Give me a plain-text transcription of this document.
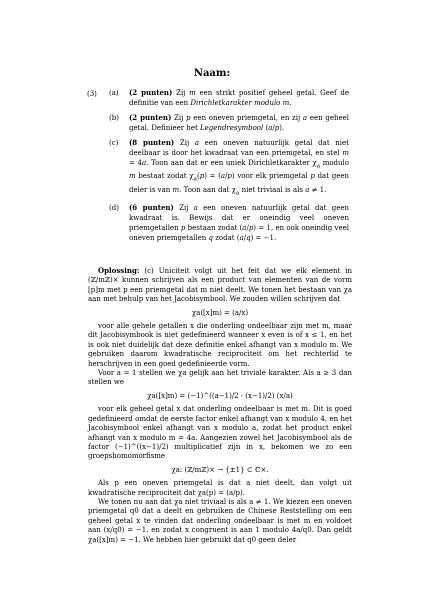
Naam:
(3) (a) (2 punten) Zij m een strikt positief geheel getal. Geef de definitie van een Dirichletkarakter modulo m.
(b) (2 punten) Zij p een oneven priemgetal, en zij a een geheel getal. Definieer het Legendresymbool (a/p).
(c) (8 punten) Zij a een oneven natuurlijk getal dat niet deelbaar is door het kwadraat van een priemgetal, en stel m = 4a. Toon aan dat er een uniek Dirichletkarakter $\chi_a$ modulo m bestaat zodat $\chi_a(p) = (a/p)$ voor elk priemgetal p dat geen deler is van m. Toon aan dat $\chi_a$ niet triviaal is als a ≠ 1.
(d) (6 punten) Zij a een oneven natuurlijk getal dat geen kwadraat is. Bewijs dat er oneindig veel oneven priemgetallen p bestaan zodat (a/p) = 1, en ook oneindig veel oneven priemgetallen q zodat (a/q) = −1.

Oplossing: (c) Uniciteit volgt uit het feit dat we elk element in (ℤ/mℤ)× kunnen schrijven als een product van elementen van de vorm [p]m met p een priemgetal dat m niet deelt. We tonen het bestaan van χa aan met behulp van het Jacobisymbool. We zouden willen schrijven dat

χa([x]m) = (a/x)

voor alle gehele getallen x die onderling ondeelbaar zijn met m, maar dit Jacobisymbook is niet gedefinieerd wanneer x even is of x ≤ 1, en het is ook niet duidelijk dat deze definitie enkel afhangt van x modulo m. We gebruiken daarom kwadratische reciprociteit om het rechterlid te herschrijven in een goed gedefinieerde vorm.

Voor a = 1 stellen we χa gelijk aan het triviale karakter. Als a ≥ 3 dan stellen we

χa([x]m) = (−1)^((a−1)/2 · (x−1)/2) (x/a)

voor elk geheel getal x dat onderling ondeelbaar is met m. Dit is goed gedefinieerd omdat de eerste factor enkel afhangt van x modulo 4, en het Jacobisymbool enkel afhangt van x modulo a, zodat het product enkel afhangt van x modulo m = 4a. Aangezien zowel het Jacobisymbool als de factor (−1)^((x−1)/2) multiplicatief zijn in x, bekomen we zo een groepshomomorfisme

χa: (ℤ/mℤ)× → {±1} ⊂ ℂ×.

Als p een oneven priemgetal is dat a niet deelt, dan volgt uit kwadratische reciprociteit dat χa(p) = (a/p).

We tonen nu aan dat χa niet triviaal is als a ≠ 1. We kiezen een oneven priemgetal q0 dat a deelt en gebruiken de Chinese Reststelling om een geheel getal x te vinden dat onderling ondeelbaar is met m en voldoet aan (x/q0) = −1, en zodat x congruent is aan 1 modulo 4a/q0. Dan geldt χa([x]m) = −1. We hebben hier gebruikt dat q0 geen deler
